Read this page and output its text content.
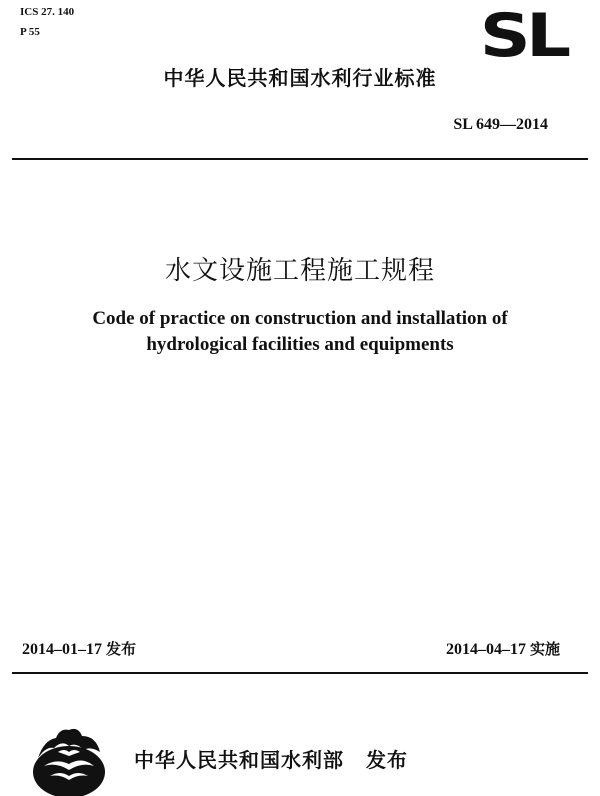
ICS 27. 140
P 55	SL
中华人民共和国水利行业标准
SL 649—2014
水文设施工程施工规程
Code of practice on construction and installation of
hydrological facilities and equipments
2014–01–17 发布	2014–04–17 实施
中华人民共和国水利部 发布
